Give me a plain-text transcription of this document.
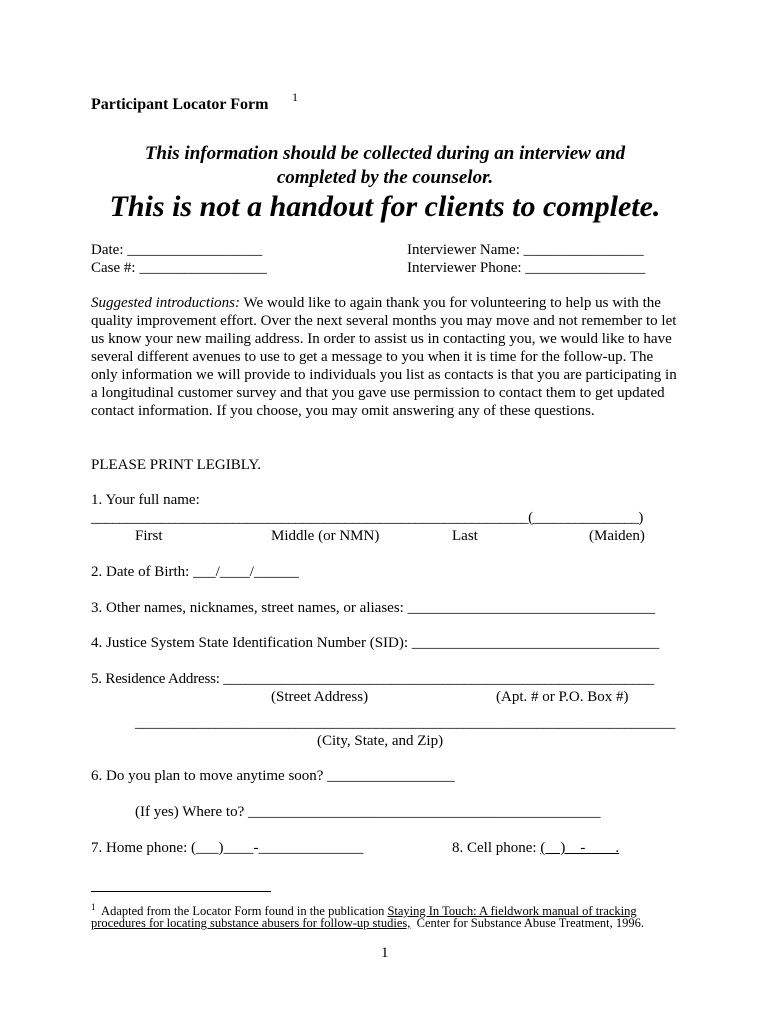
Participant Locator Form 1
This information should be collected during an interview and
completed by the counselor.
This is not a handout for clients to complete.
Date: __________________
Case #: _________________
Interviewer Name: ________________
Interviewer Phone: ________________
Suggested introductions: We would like to again thank you for volunteering to help us with the quality improvement effort. Over the next several months you may move and not remember to let us know your new mailing address. In order to assist us in contacting you, we would like to have several different avenues to use to get a message to you when it is time for the follow-up. The only information we will provide to individuals you list as contacts is that you are participating in a longitudinal customer survey and that you gave use permission to contact them to get updated contact information. If you choose, you may omit answering any of these questions.
PLEASE PRINT LEGIBLY.
1. Your full name:
______________________________________________________________(_______________)
First	Middle (or NMN)	Last	(Maiden)
2. Date of Birth: ___/____/______
3. Other names, nicknames, street names, or aliases: _________________________________
4. Justice System State Identification Number (SID): _________________________________
5. Residence Address: ___________________________________________________________
(Street Address)	(Apt. # or P.O. Box #)
__________________________________________________________________________
(City, State, and Zip)
6. Do you plan to move anytime soon? _________________
(If yes) Where to? _______________________________________________
7. Home phone: (___)____-______________	8. Cell phone: (    )    -        .
$^1$  Adapted from the Locator Form found in the publication Staying In Touch: A fieldwork manual of tracking
procedures for locating substance abusers for follow-up studies,  Center for Substance Abuse Treatment, 1996.
1
